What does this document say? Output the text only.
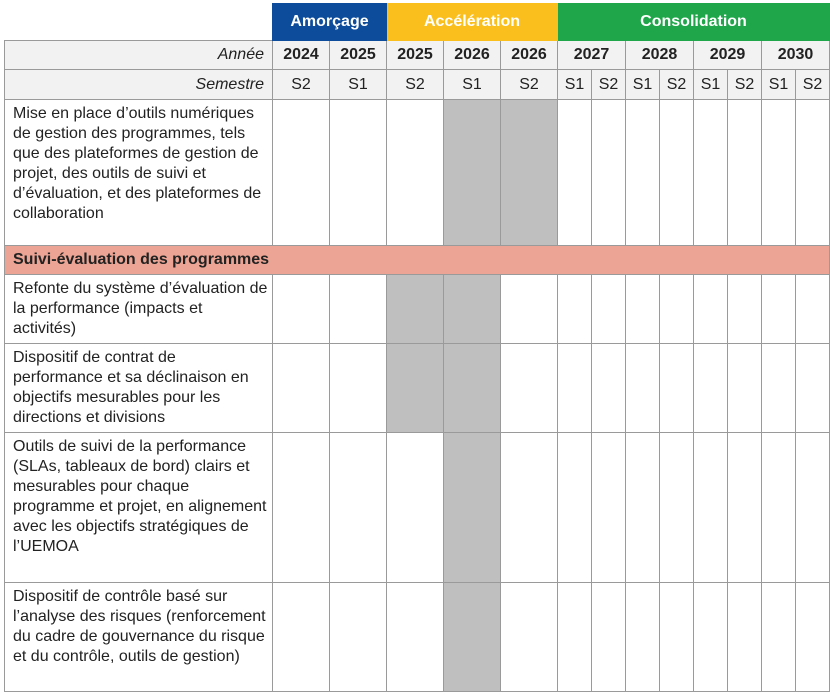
	Amorçage		Accélération			Consolidation							
Année	2024	2025	2025	2026	2026	2027		2028		2029		2030	
Semestre	S2	S1	S2	S1	S2	S1	S2	S1	S2	S1	S2	S1	S2
Mise en place d’outils numériques de gestion des programmes, tels que des plateformes de gestion de projet, des outils de suivi et d’évaluation, et des plateformes de collaboration													
Suivi-évaluation des programmes													
Refonte du système d’évaluation de la performance (impacts et activités)													
Dispositif de contrat de performance et sa déclinaison en objectifs mesurables pour les directions et divisions													
Outils de suivi de la performance (SLAs, tableaux de bord) clairs et mesurables pour chaque programme et projet, en alignement avec les objectifs stratégiques de l’UEMOA													
Dispositif de contrôle basé sur l’analyse des risques (renforcement du cadre de gouvernance du risque et du contrôle, outils de gestion)													
